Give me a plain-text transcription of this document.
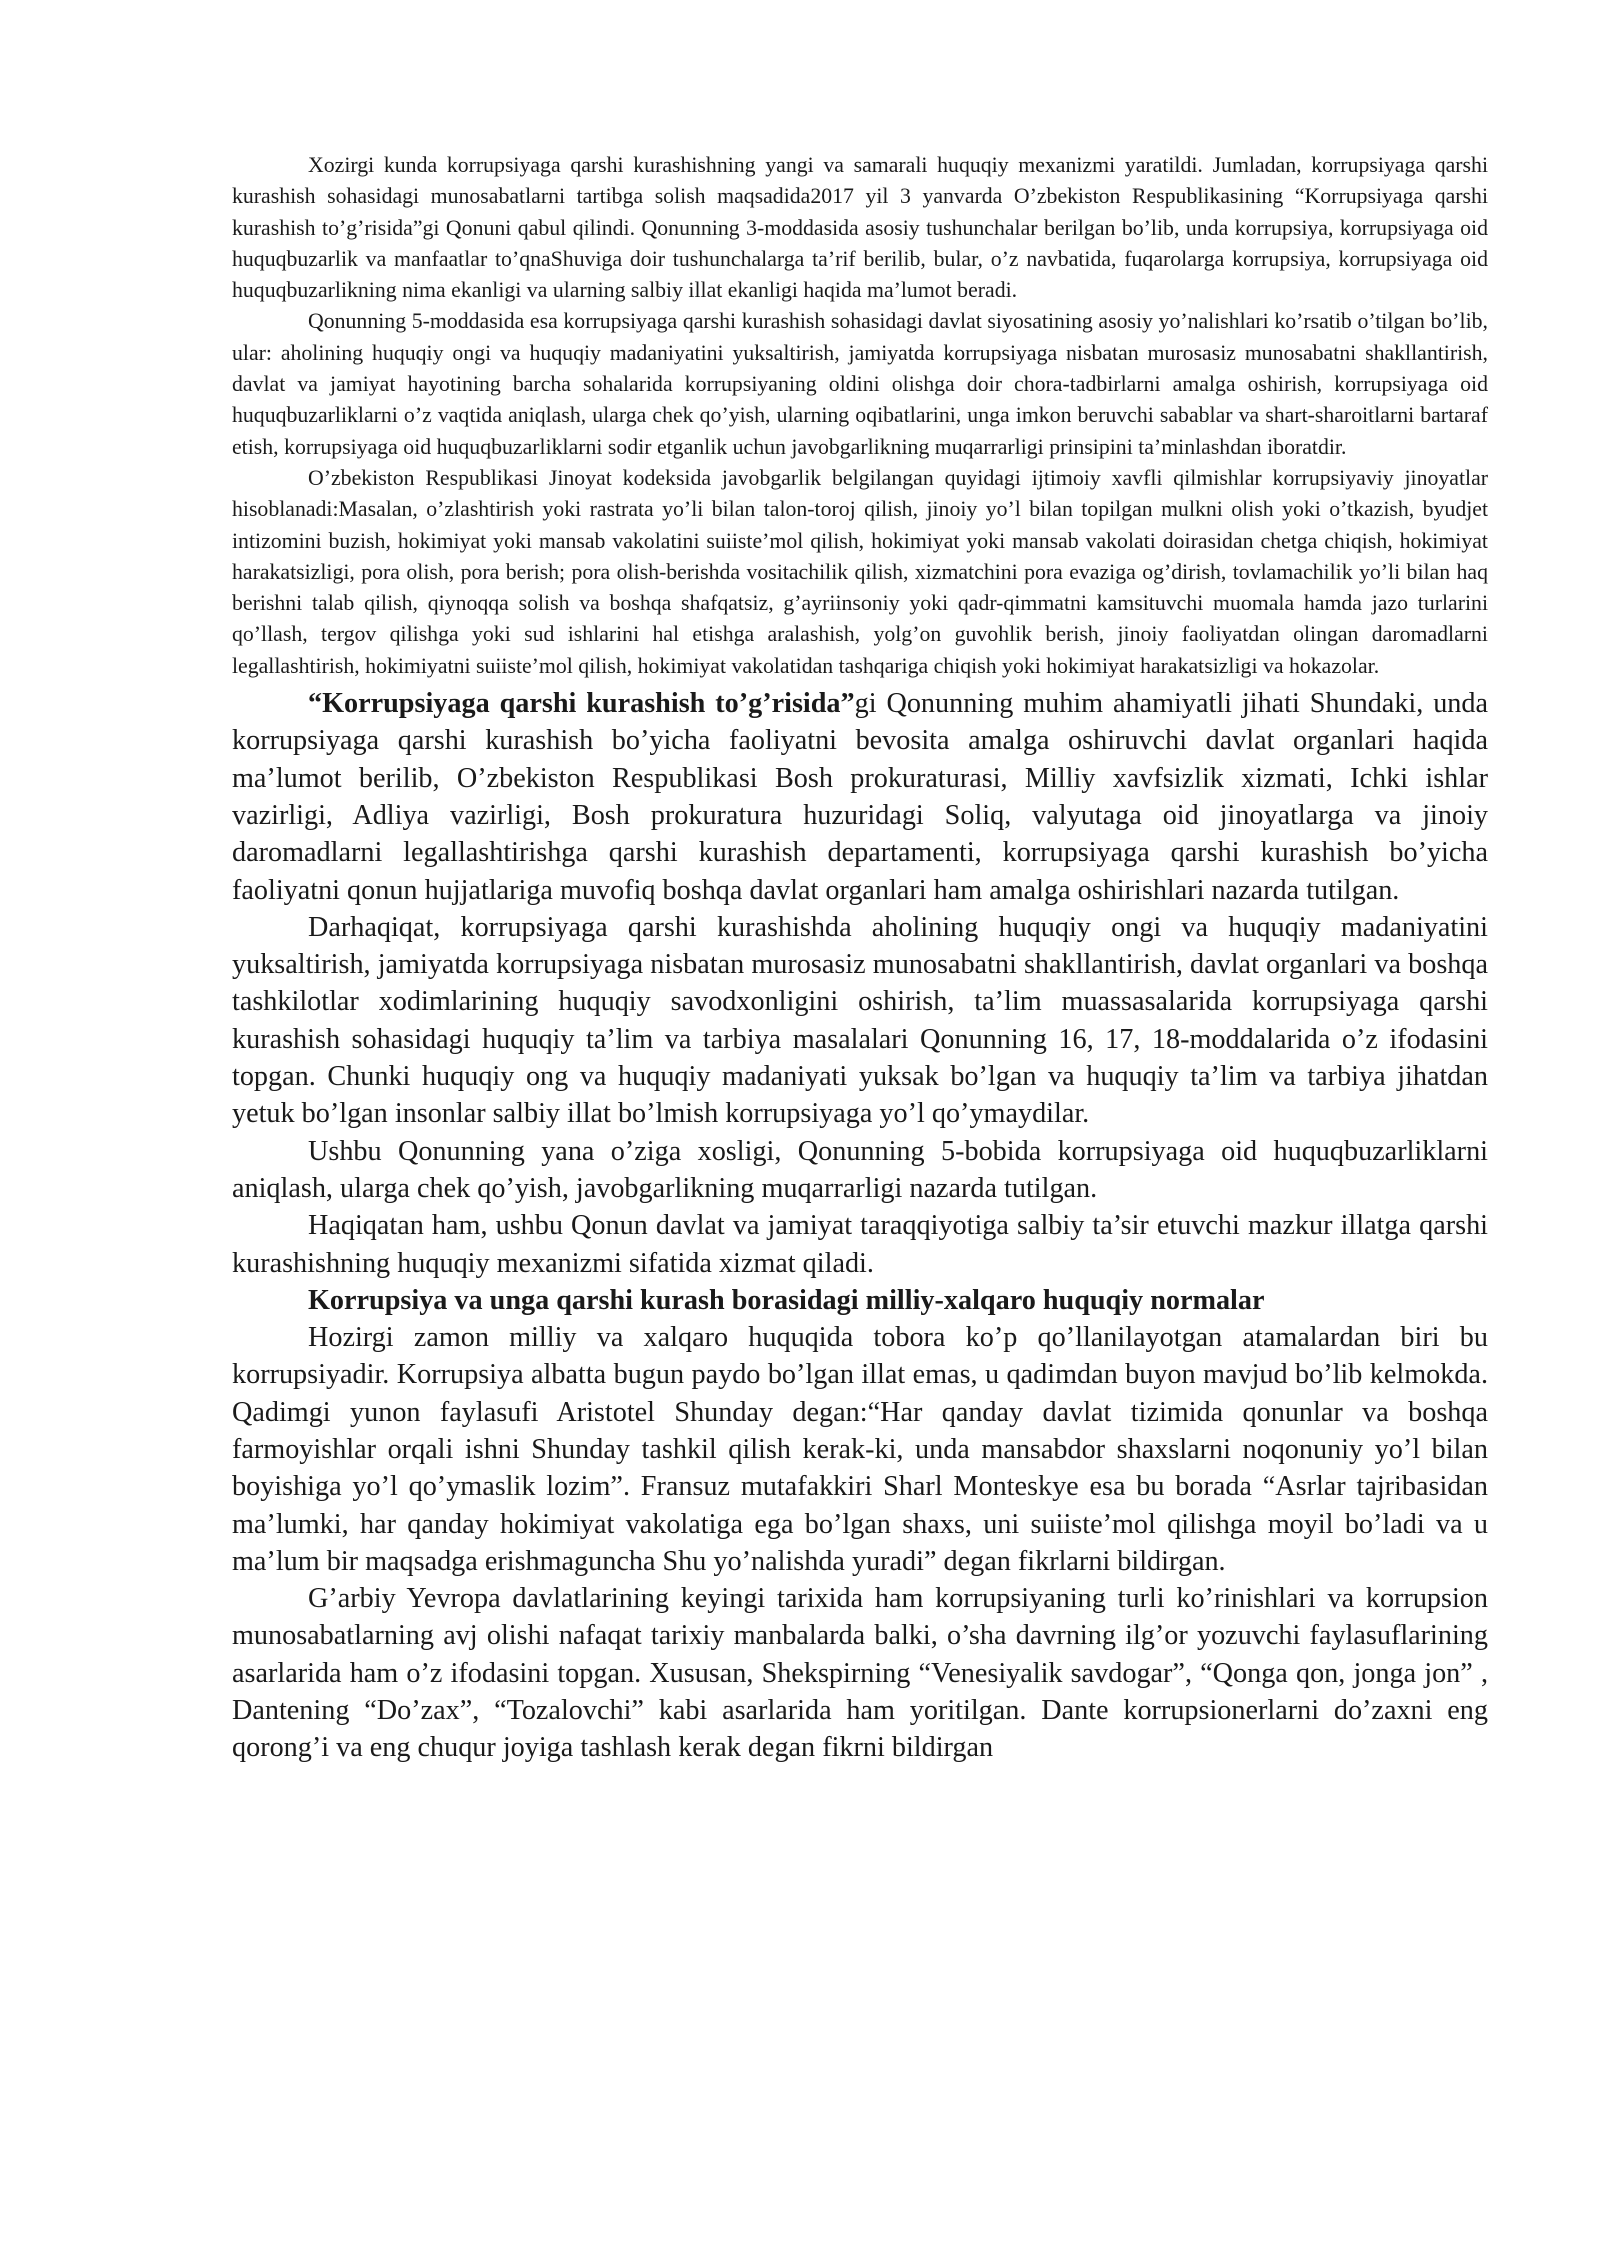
Xozirgi kunda korrupsiyaga qarshi kurashishning yangi va samarali huquqiy mexanizmi yaratildi. Jumladan, korrupsiyaga qarshi kurashish sohasidagi munosabatlarni tartibga solish maqsadida2017 yil 3 yanvarda O’zbekiston Respublikasining “Korrupsiyaga qarshi kurashish to’g’risida”gi Qonuni qabul qilindi. Qonunning 3-moddasida asosiy tushunchalar berilgan bo’lib, unda korrupsiya, korrupsiyaga oid huquqbuzarlik va manfaatlar to’qnaShuviga doir tushunchalarga ta’rif berilib, bular, o’z navbatida, fuqarolarga korrupsiya, korrupsiyaga oid huquqbuzarlikning nima ekanligi va ularning salbiy illat ekanligi haqida ma’lumot beradi.

Qonunning 5-moddasida esa korrupsiyaga qarshi kurashish sohasidagi davlat siyosatining asosiy yo’nalishlari ko’rsatib o’tilgan bo’lib, ular: aholining huquqiy ongi va huquqiy madaniyatini yuksaltirish, jamiyatda korrupsiyaga nisbatan murosasiz munosabatni shakllantirish, davlat va jamiyat hayotining barcha sohalarida korrupsiyaning oldini olishga doir chora-tadbirlarni amalga oshirish, korrupsiyaga oid huquqbuzarliklarni o’z vaqtida aniqlash, ularga chek qo’yish, ularning oqibatlarini, unga imkon beruvchi sabablar va shart-sharoitlarni bartaraf etish, korrupsiyaga oid huquqbuzarliklarni sodir etganlik uchun javobgarlikning muqarrarligi prinsipini ta’minlashdan iboratdir.

O’zbekiston Respublikasi Jinoyat kodeksida javobgarlik belgilangan quyidagi ijtimoiy xavfli qilmishlar korrupsiyaviy jinoyatlar hisoblanadi:Masalan, o’zlashtirish yoki rastrata yo’li bilan talon-toroj qilish, jinoiy yo’l bilan topilgan mulkni olish yoki o’tkazish, byudjet intizomini buzish, hokimiyat yoki mansab vakolatini suiiste’mol qilish, hokimiyat yoki mansab vakolati doirasidan chetga chiqish, hokimiyat harakatsizligi, pora olish, pora berish; pora olish-berishda vositachilik qilish, xizmatchini pora evaziga og’dirish, tovlamachilik yo’li bilan haq berishni talab qilish, qiynoqqa solish va boshqa shafqatsiz, g’ayriinsoniy yoki qadr-qimmatni kamsituvchi muomala hamda jazo turlarini qo’llash, tergov qilishga yoki sud ishlarini hal etishga aralashish, yolg’on guvohlik berish, jinoiy faoliyatdan olingan daromadlarni legallashtirish, hokimiyatni suiiste’mol qilish, hokimiyat vakolatidan tashqariga chiqish yoki hokimiyat harakatsizligi va hokazolar.

“Korrupsiyaga qarshi kurashish to’g’risida”gi Qonunning muhim ahamiyatli jihati Shundaki, unda korrupsiyaga qarshi kurashish bo’yicha faoliyatni bevosita amalga oshiruvchi davlat organlari haqida ma’lumot berilib, O’zbekiston Respublikasi Bosh prokuraturasi, Milliy xavfsizlik xizmati, Ichki ishlar vazirligi, Adliya vazirligi, Bosh prokuratura huzuridagi Soliq, valyutaga oid jinoyatlarga va jinoiy daromadlarni legallashtirishga qarshi kurashish departamenti, korrupsiyaga qarshi kurashish bo’yicha faoliyatni qonun hujjatlariga muvofiq boshqa davlat organlari ham amalga oshirishlari nazarda tutilgan.

Darhaqiqat, korrupsiyaga qarshi kurashishda aholining huquqiy ongi va huquqiy madaniyatini yuksaltirish, jamiyatda korrupsiyaga nisbatan murosasiz munosabatni shakllantirish, davlat organlari va boshqa tashkilotlar xodimlarining huquqiy savodxonligini oshirish, ta’lim muassasalarida korrupsiyaga qarshi kurashish sohasidagi huquqiy ta’lim va tarbiya masalalari Qonunning 16, 17, 18-moddalarida o’z ifodasini topgan. Chunki huquqiy ong va huquqiy madaniyati yuksak bo’lgan va huquqiy ta’lim va tarbiya jihatdan yetuk bo’lgan insonlar salbiy illat bo’lmish korrupsiyaga yo’l qo’ymaydilar.

Ushbu Qonunning yana o’ziga xosligi, Qonunning 5-bobida korrupsiyaga oid huquqbuzarliklarni aniqlash, ularga chek qo’yish, javobgarlikning muqarrarligi nazarda tutilgan.

Haqiqatan ham, ushbu Qonun davlat va jamiyat taraqqiyotiga salbiy ta’sir etuvchi mazkur illatga qarshi kurashishning huquqiy mexanizmi sifatida xizmat qiladi.

Korrupsiya va unga qarshi kurash borasidagi milliy-xalqaro huquqiy normalar

Hozirgi zamon milliy va xalqaro huquqida tobora ko’p qo’llanilayotgan atamalardan biri bu korrupsiyadir. Korrupsiya albatta bugun paydo bo’lgan illat emas, u qadimdan buyon mavjud bo’lib kelmokda. Qadimgi yunon faylasufi Aristotel Shunday degan:“Har qanday davlat tizimida qonunlar va boshqa farmoyishlar orqali ishni Shunday tashkil qilish kerak-ki, unda mansabdor shaxslarni noqonuniy yo’l bilan boyishiga yo’l qo’ymaslik lozim”. Fransuz mutafakkiri Sharl Monteskye esa bu borada “Asrlar tajribasidan ma’lumki, har qanday hokimiyat vakolatiga ega bo’lgan shaxs, uni suiiste’mol qilishga moyil bo’ladi va u ma’lum bir maqsadga erishmaguncha Shu yo’nalishda yuradi” degan fikrlarni bildirgan.

G’arbiy Yevropa davlatlarining keyingi tarixida ham korrupsiyaning turli ko’rinishlari va korrupsion munosabatlarning avj olishi nafaqat tarixiy manbalarda balki, o’sha davrning ilg’or yozuvchi faylasuflarining asarlarida ham o’z ifodasini topgan. Xususan, Shekspirning “Venesiyalik savdogar”, “Qonga qon, jonga jon” , Dantening “Do’zax”, “Tozalovchi” kabi asarlarida ham yoritilgan. Dante korrupsionerlarni do’zaxni eng qorong’i va eng chuqur joyiga tashlash kerak degan fikrni bildirgan
